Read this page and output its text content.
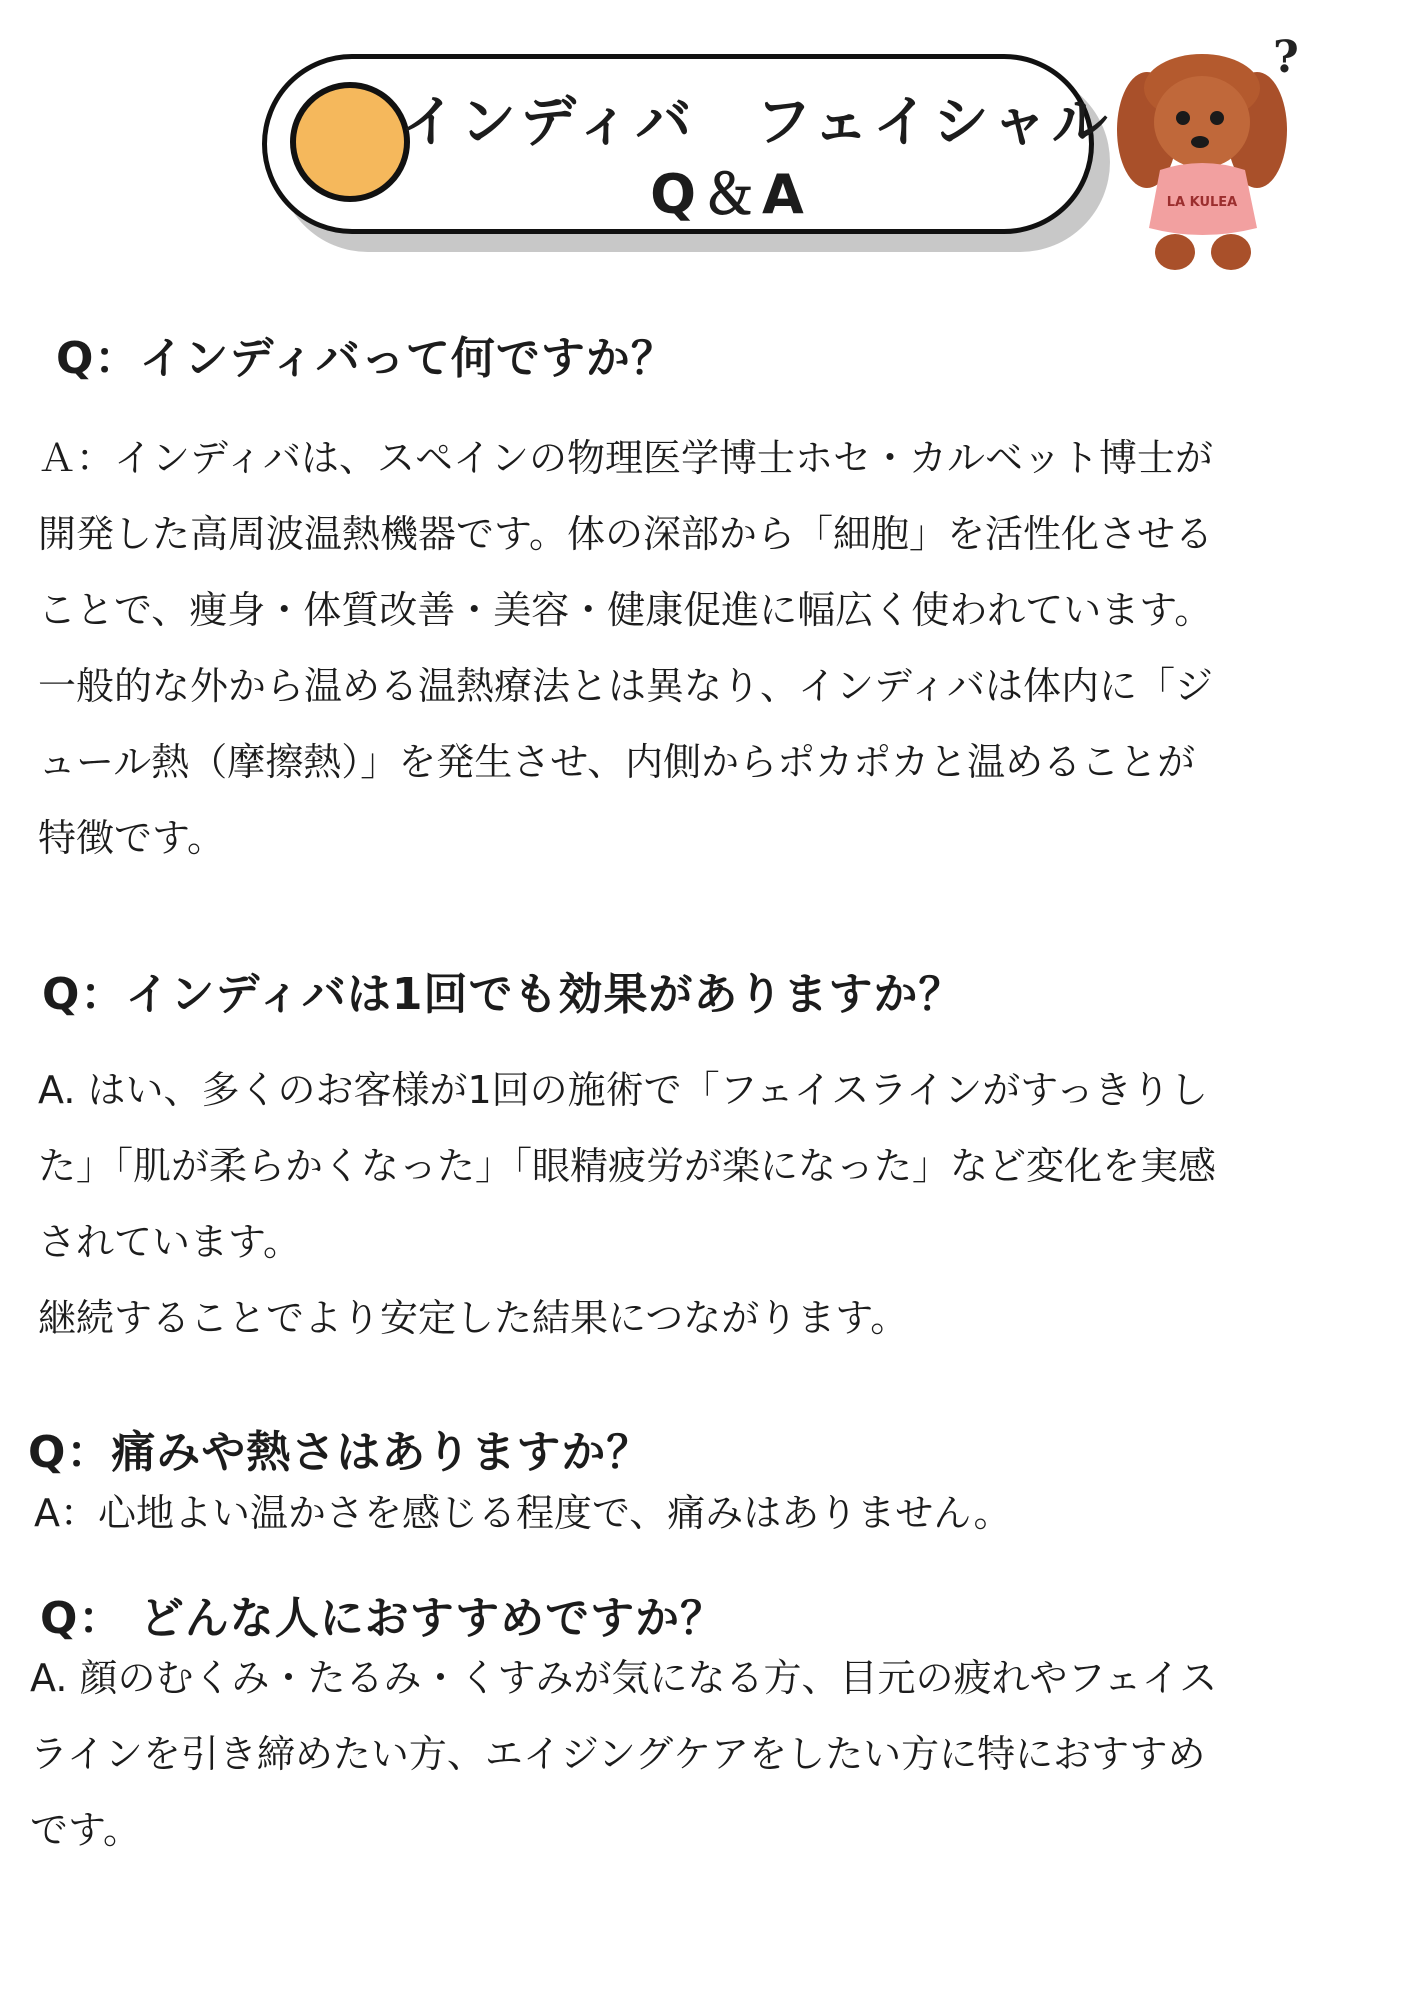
インディバ　フェイシャル
Q＆A
?
LA KULEA
Q：インディバって何ですか？
Ａ：インディバは、スペインの物理医学博士ホセ・カルベット博士が
開発した高周波温熱機器です。体の深部から「細胞」を活性化させる
ことで、痩身・体質改善・美容・健康促進に幅広く使われています。
一般的な外から温める温熱療法とは異なり、インディバは体内に「ジ
ュール熱（摩擦熱）」を発生させ、内側からポカポカと温めることが
特徴です。
Q：インディバは1回でも効果がありますか？
A. はい、多くのお客様が1回の施術で「フェイスラインがすっきりし
た」「肌が柔らかくなった」「眼精疲労が楽になった」など変化を実感
されています。
継続することでより安定した結果につながります。
Q：痛みや熱さはありますか？
A：心地よい温かさを感じる程度で、痛みはありません。
Q： どんな人におすすめですか？
A. 顔のむくみ・たるみ・くすみが気になる方、目元の疲れやフェイス
ラインを引き締めたい方、エイジングケアをしたい方に特におすすめ
です。
